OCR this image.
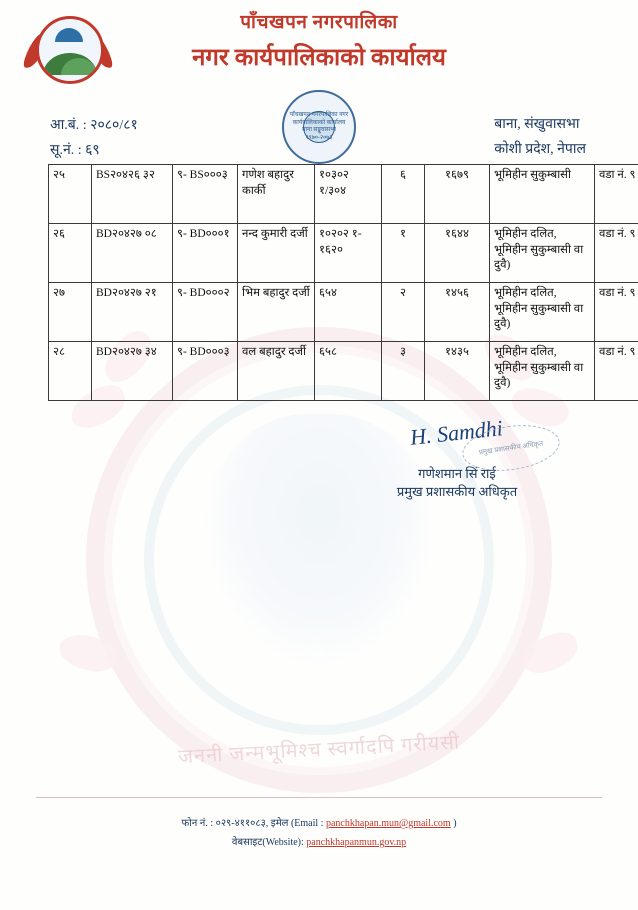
जननी जन्मभूमिश्च स्वर्गादपि गरीयसी
पाँचखपन नगरपालिका
नगर कार्यपालिकाको कार्यालय
पाँचखपन नगरपालिका नगर कार्यपालिकाको कार्यालय बाना सङ्खुवासभा १९७०-२०७३
आ.बं. : २०८०/८१
सू.नं. : ६९
बाना, संखुवासभा
कोशी प्रदेश, नेपाल
२५	BS२०४२६ ३२	९- BS०००३	गणेश बहादुर कार्की	१०३०२ १/३०४	६	१६७९	भूमिहीन सुकुम्बासी	वडा नं. ९
२६	BD२०४२७ ०८	९- BD०००१	नन्द कुमारी दर्जी	१०२०२ १- १६२०	१	१६४४	भूमिहीन दलित, भूमिहीन सुकुम्बासी वा दुवै)	वडा नं. ९
२७	BD२०४२७ २१	९- BD०००२	भिम बहादुर दर्जी	६५४	२	१४५६	भूमिहीन दलित, भूमिहीन सुकुम्बासी वा दुवै)	वडा नं. ९
२८	BD२०४२७ ३४	९- BD०००३	वल बहादुर दर्जी	६५८	३	१४३५	भूमिहीन दलित, भूमिहीन सुकुम्बासी वा दुवै)	वडा नं. ९
H. Samdhi
प्रमुख प्रशासकीय अधिकृत
गणेशमान सिं राई
प्रमुख प्रशासकीय अधिकृत
फोन नं. : ०२९-४११०८३, इमेल (Email : panchkhapan.mun@gmail.com )
वेबसाइट(Website): panchkhapanmun.gov.np
